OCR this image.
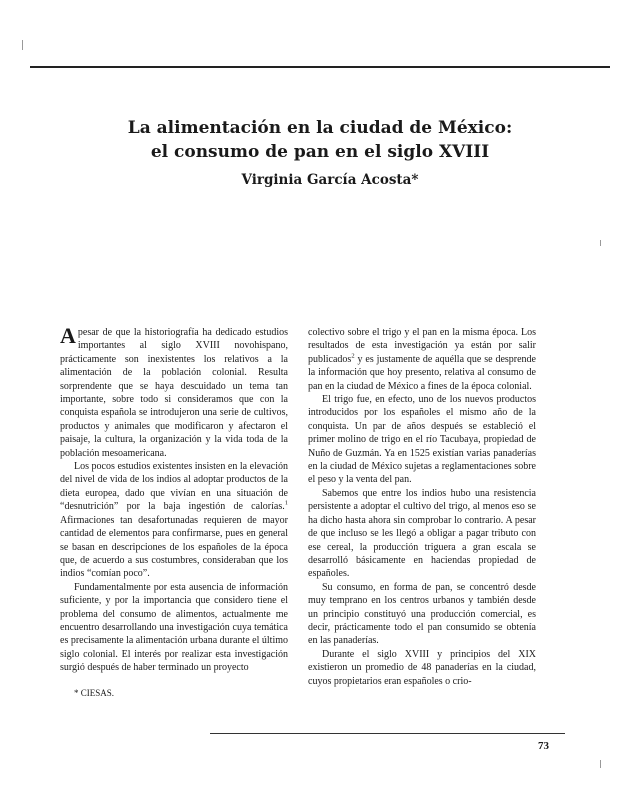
La alimentación en la ciudad de México:
el consumo de pan en el siglo XVIII
Virginia García Acosta*

Apesar de que la historiografía ha dedicado estudios importantes al siglo XVIII novohispano, prácticamente son inexistentes los relativos a la alimentación de la población colonial. Resulta sorprendente que se haya descuidado un tema tan importante, sobre todo si consideramos que con la conquista española se introdujeron una serie de cultivos, productos y animales que modificaron y afectaron el paisaje, la cultura, la organización y la vida toda de la población mesoamericana.

Los pocos estudios existentes insisten en la elevación del nivel de vida de los indios al adoptar productos de la dieta europea, dado que vivían en una situación de “desnutrición” por la baja ingestión de calorías.$^1$ Afirmaciones tan desafortunadas requieren de mayor cantidad de elementos para confirmarse, pues en general se basan en descripciones de los españoles de la época que, de acuerdo a sus costumbres, consideraban que los indios “comían poco”.

Fundamentalmente por esta ausencia de información suficiente, y por la importancia que considero tiene el problema del consumo de alimentos, actualmente me encuentro desarrollando una investigación cuya temática es precisamente la alimentación urbana durante el último siglo colonial. El interés por realizar esta investigación surgió después de haber terminado un proyecto

colectivo sobre el trigo y el pan en la misma época. Los resultados de esta investigación ya están por salir publicados$^2$ y es justamente de aquélla que se desprende la información que hoy presento, relativa al consumo de pan en la ciudad de México a fines de la época colonial.

El trigo fue, en efecto, uno de los nuevos productos introducidos por los españoles el mismo año de la conquista. Un par de años después se estableció el primer molino de trigo en el río Tacubaya, propiedad de Nuño de Guzmán. Ya en 1525 existían varias panaderías en la ciudad de México sujetas a reglamentaciones sobre el peso y la venta del pan.

Sabemos que entre los indios hubo una resistencia persistente a adoptar el cultivo del trigo, al menos eso se ha dicho hasta ahora sin comprobar lo contrario. A pesar de que incluso se les llegó a obligar a pagar tributo con ese cereal, la producción triguera a gran escala se desarrolló básicamente en haciendas propiedad de españoles.

Su consumo, en forma de pan, se concentró desde muy temprano en los centros urbanos y también desde un principio constituyó una producción comercial, es decir, prácticamente todo el pan consumido se obtenía en las panaderías.

Durante el siglo XVIII y principios del XIX existieron un promedio de 48 panaderías en la ciudad, cuyos propietarios eran españoles o crio-

* CIESAS.

73
